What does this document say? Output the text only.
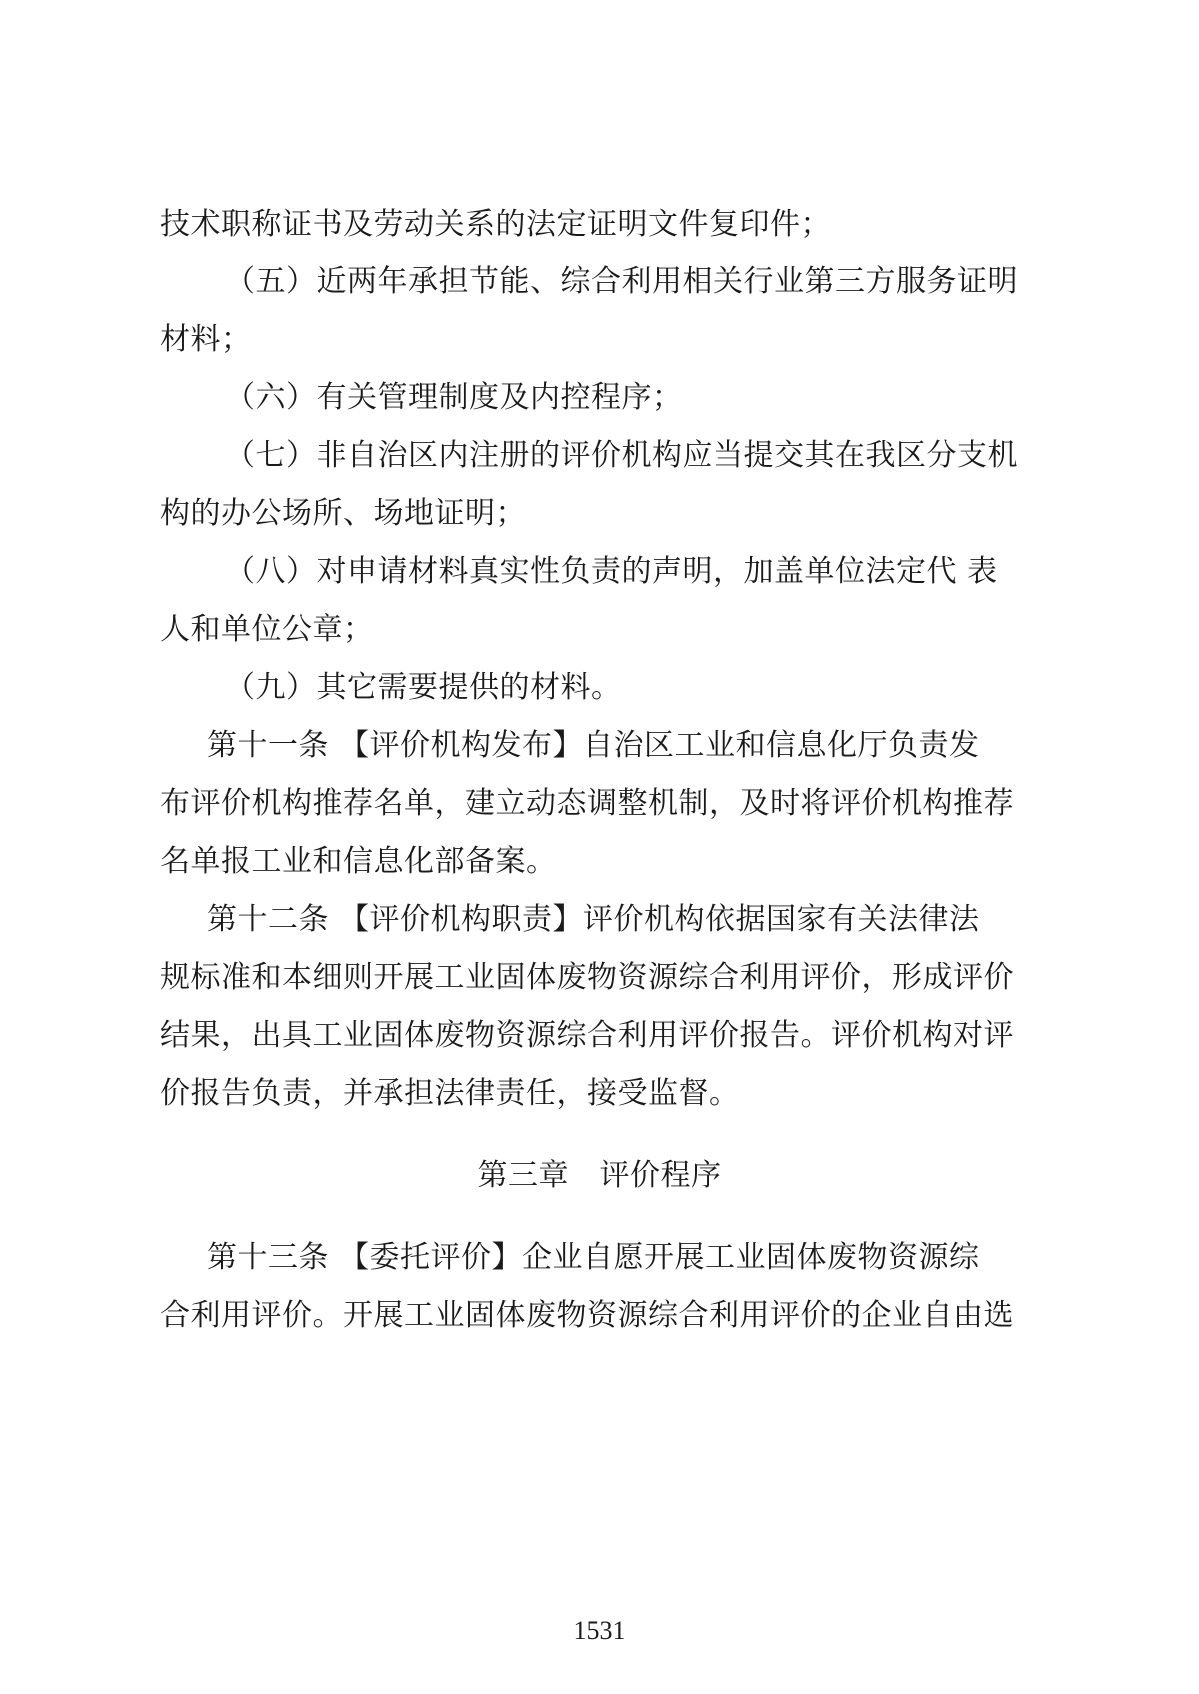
技术职称证书及劳动关系的法定证明文件复印件；
（五）近两年承担节能、综合利用相关行业第三方服务证明
材料；
（六）有关管理制度及内控程序；
（七）非自治区内注册的评价机构应当提交其在我区分支机
构的办公场所、场地证明；
（八）对申请材料真实性负责的声明，加盖单位法定代 表
人和单位公章；
（九）其它需要提供的材料。
第十一条 【评价机构发布】自治区工业和信息化厅负责发
布评价机构推荐名单，建立动态调整机制，及时将评价机构推荐
名单报工业和信息化部备案。
第十二条 【评价机构职责】评价机构依据国家有关法律法
规标准和本细则开展工业固体废物资源综合利用评价，形成评价
结果，出具工业固体废物资源综合利用评价报告。评价机构对评
价报告负责，并承担法律责任，接受监督。
第三章　评价程序
第十三条 【委托评价】企业自愿开展工业固体废物资源综
合利用评价。开展工业固体废物资源综合利用评价的企业自由选
1531
